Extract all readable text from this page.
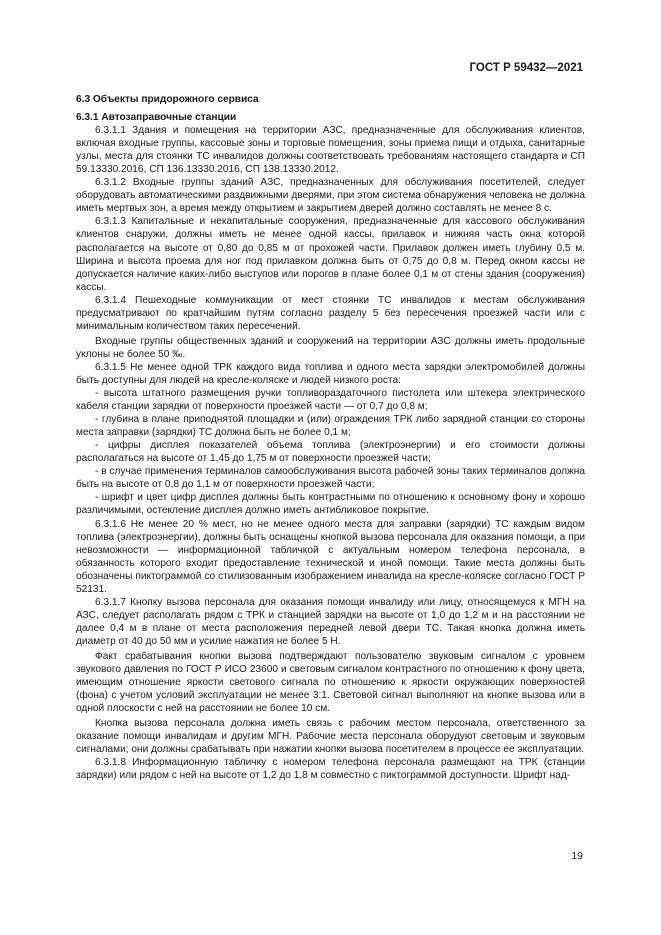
ГОСТ Р 59432—2021

6.3 Объекты придорожного сервиса

6.3.1 Автозаправочные станции

6.3.1.1 Здания и помещения на территории АЗС, предназначенные для обслуживания клиентов, включая входные группы, кассовые зоны и торговые помещения, зоны приема пищи и отдыха, санитарные узлы, места для стоянки ТС инвалидов должны соответствовать требованиям настоящего стандарта и СП 59.13330.2016, СП 136.13330.2016, СП 138.13330.2012.

6.3.1.2 Входные группы зданий АЗС, предназначенных для обслуживания посетителей, следует оборудовать автоматическими раздвижными дверями, при этом система обнаружения человека не должна иметь мертвых зон, а время между открытием и закрытием дверей должно составлять не менее 8 с.

6.3.1.3 Капитальные и некапитальные сооружения, предназначенные для кассового обслуживания клиентов снаружи, должны иметь не менее одной кассы, прилавок и нижняя часть окна которой располагается на высоте от 0,80 до 0,85 м от прохожей части. Прилавок должен иметь глубину 0,5 м. Ширина и высота проема для ног под прилавком должна быть от 0,75 до 0,8 м. Перед окном кассы не допускается наличие каких-либо выступов или порогов в плане более 0,1 м от стены здания (сооружения) кассы.

6.3.1.4 Пешеходные коммуникации от мест стоянки ТС инвалидов к местам обслуживания предусматривают по кратчайшим путям согласно разделу 5 без пересечения проезжей части или с минимальным количеством таких пересечений.

Входные группы общественных зданий и сооружений на территории АЗС должны иметь продольные уклоны не более 50 ‰.

6.3.1.5 Не менее одной ТРК каждого вида топлива и одного места зарядки электромобилей должны быть доступны для людей на кресле-коляске и людей низкого роста:

- высота штатного размещения ручки топливораздаточного пистолета или штекера электрического кабеля станции зарядки от поверхности проезжей части — от 0,7 до 0,8 м;

- глубина в плане приподнятой площадки и (или) ограждения ТРК либо зарядной станции со стороны места заправки (зарядки) ТС должна быть не более 0,1 м;

- цифры дисплея показателей объема топлива (электроэнергии) и его стоимости должны располагаться на высоте от 1,45 до 1,75 м от поверхности проезжей части;

- в случае применения терминалов самообслуживания высота рабочей зоны таких терминалов должна быть на высоте от 0,8 до 1,1 м от поверхности проезжей части;

- шрифт и цвет цифр дисплея должны быть контрастными по отношению к основному фону и хорошо различимыми, остекление дисплея должно иметь антибликовое покрытие.

6.3.1.6 Не менее 20 % мест, но не менее одного места для заправки (зарядки) ТС каждым видом топлива (электроэнергии), должны быть оснащены кнопкой вызова персонала для оказания помощи, а при невозможности — информационной табличкой с актуальным номером телефона персонала, в обязанность которого входит предоставление технической и иной помощи. Такие места должны быть обозначены пиктограммой со стилизованным изображением инвалида на кресле-коляске согласно ГОСТ Р 52131.

6.3.1.7 Кнопку вызова персонала для оказания помощи инвалиду или лицу, относящемуся к МГН на АЗС, следует располагать рядом с ТРК и станцией зарядки на высоте от 1,0 до 1,2 м и на расстоянии не далее 0,4 м в плане от места расположения передней левой двери ТС. Такая кнопка должна иметь диаметр от 40 до 50 мм и усилие нажатия не более 5 Н.

Факт срабатывания кнопки вызова подтверждают пользователю звуковым сигналом с уровнем звукового давления по ГОСТ Р ИСО 23600 и световым сигналом контрастного по отношению к фону цвета, имеющим отношение яркости светового сигнала по отношению к яркости окружающих поверхностей (фона) с учетом условий эксплуатации не менее 3:1. Световой сигнал выполняют на кнопке вызова или в одной плоскости с ней на расстоянии не более 10 см.

Кнопка вызова персонала должна иметь связь с рабочим местом персонала, ответственного за оказание помощи инвалидам и другим МГН. Рабочие места персонала оборудуют световым и звуковым сигналами; они должны срабатывать при нажатии кнопки вызова посетителем в процессе ее эксплуатации.

6.3.1.8 Информационную табличку с номером телефона персонала размещают на ТРК (станции зарядки) или рядом с ней на высоте от 1,2 до 1,8 м совместно с пиктограммой доступности. Шрифт над-

19
